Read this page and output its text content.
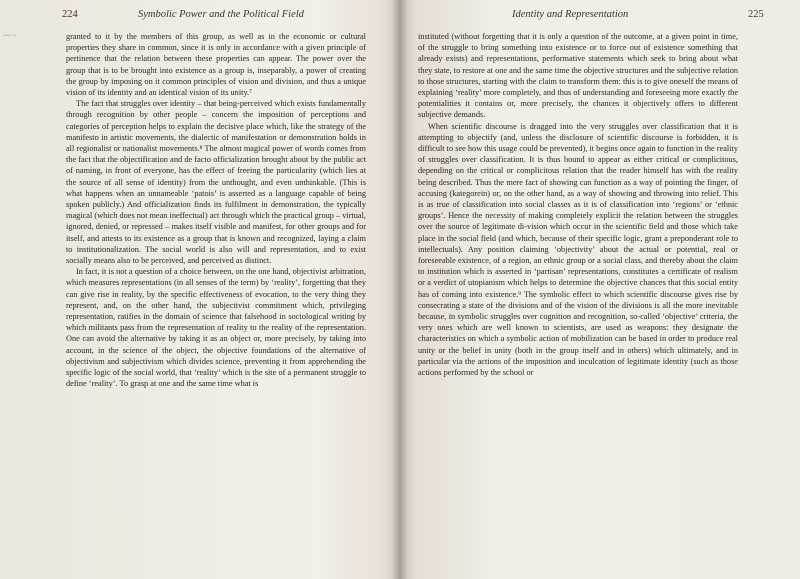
~~ ~
224	Symbolic Power and the Political Field

granted to it by the members of this group, as well as in the economic or cultural properties they share in common, since it is only in accordance with a given principle of pertinence that the relation between these properties can appear. The power over the group that is to be brought into existence as a group is, inseparably, a power of creating the group by imposing on it common principles of vision and division, and thus a unique vision of its identity and an identical vision of its unity.⁷

The fact that struggles over identity – that being-perceived which exists fundamentally through recognition by other people – concern the imposition of perceptions and categories of perception helps to explain the decisive place which, like the strategy of the manifesto in artistic movements, the dialectic of manifestation or demonstration holds in all regionalist or nationalist movements.⁸ The almost magical power of words comes from the fact that the objectification and de facto officialization brought about by the public act of naming, in front of everyone, has the effect of freeing the particularity (which lies at the source of all sense of identity) from the unthought, and even unthinkable. (This is what happens when an unnameable ‘patois’ is asserted as a language capable of being spoken publicly.) And officialization finds its fulfilment in demonstration, the typically magical (which does not mean ineffectual) act through which the practical group – virtual, ignored, denied, or repressed – makes itself visible and manifest, for other groups and for itself, and attests to its existence as a group that is known and recognized, laying a claim to institutionalization. The social world is also will and representation, and to exist socially means also to be perceived, and perceived as distinct.

In fact, it is not a question of a choice between, on the one hand, objectivist arbitration, which measures representations (in all senses of the term) by ‘reality’, forgetting that they can give rise in reality, by the specific effectiveness of evocation, to the very thing they represent, and, on the other hand, the subjectivist commitment which, privileging representation, ratifies in the domain of science that falsehood in sociological writing by which militants pass from the representation of reality to the reality of the representation. One can avoid the alternative by taking it as an object or, more precisely, by taking into account, in the science of the object, the objective foundations of the alternative of objectivism and subjectivism which divides science, preventing it from apprehending the specific logic of the social world, that ‘reality’ which is the site of a permanent struggle to define ‘reality’. To grasp at one and the same time what is

Identity and Representation	225

instituted (without forgetting that it is only a question of the outcome, at a given point in time, of the struggle to bring something into existence or to force out of existence something that already exists) and representations, performative statements which seek to bring about what they state, to restore at one and the same time the objective structures and the subjective relation to those structures, starting with the claim to transform them: this is to give oneself the means of explaining ‘reality’ more completely, and thus of understanding and foreseeing more exactly the potentialities it contains or, more precisely, the chances it objectively offers to different subjective demands.

When scientific discourse is dragged into the very struggles over classification that it is attempting to objectify (and, unless the disclosure of scientific discourse is forbidden, it is difficult to see how this usage could be prevented), it begins once again to function in the reality of struggles over classification. It is thus bound to appear as either critical or complicitous, depending on the critical or complicitous relation that the reader himself has with the reality being described. Thus the mere fact of showing can function as a way of pointing the finger, of accusing (kategorein) or, on the other hand, as a way of showing and throwing into relief. This is as true of classification into social classes as it is of classification into ‘regions’ or ‘ethnic groups’. Hence the necessity of making completely explicit the relation between the struggles over the source of legitimate di-vision which occur in the scientific field and those which take place in the social field (and which, because of their specific logic, grant a preponderant role to intellectuals). Any position claiming ‘objectivity’ about the actual or potential, real or foreseeable existence, of a region, an ethnic group or a social class, and thereby about the claim to institution which is asserted in ‘partisan’ representations, constitutes a certificate of realism or a verdict of utopianism which helps to determine the objective chances that this social entity has of coming into existence.⁹ The symbolic effect to which scientific discourse gives rise by consecrating a state of the divisions and of the vision of the divisions is all the more inevitable because, in symbolic struggles over cognition and recognition, so-called ‘objective’ criteria, the very ones which are well known to scientists, are used as weapons: they designate the characteristics on which a symbolic action of mobilization can be based in order to produce real unity or the belief in unity (both in the group itself and in others) which ultimately, and in particular via the actions of the imposition and inculcation of legitimate identity (such as those actions performed by the school or
